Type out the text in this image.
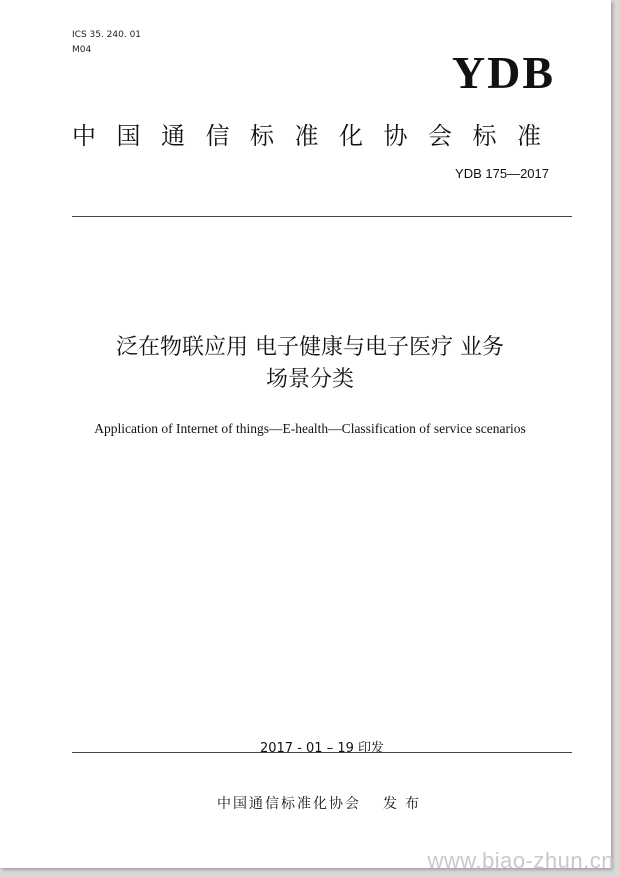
ICS 35. 240. 01
M04	YDB
中国通信标准化协会标准
YDB 175—2017
泛在物联应用 电子健康与电子医疗 业务
场景分类
Application of Internet of things—E-health—Classification of service scenarios
2017 - 01 – 19 印发
中国通信标准化协会 发布
www.biao-zhun.cn
